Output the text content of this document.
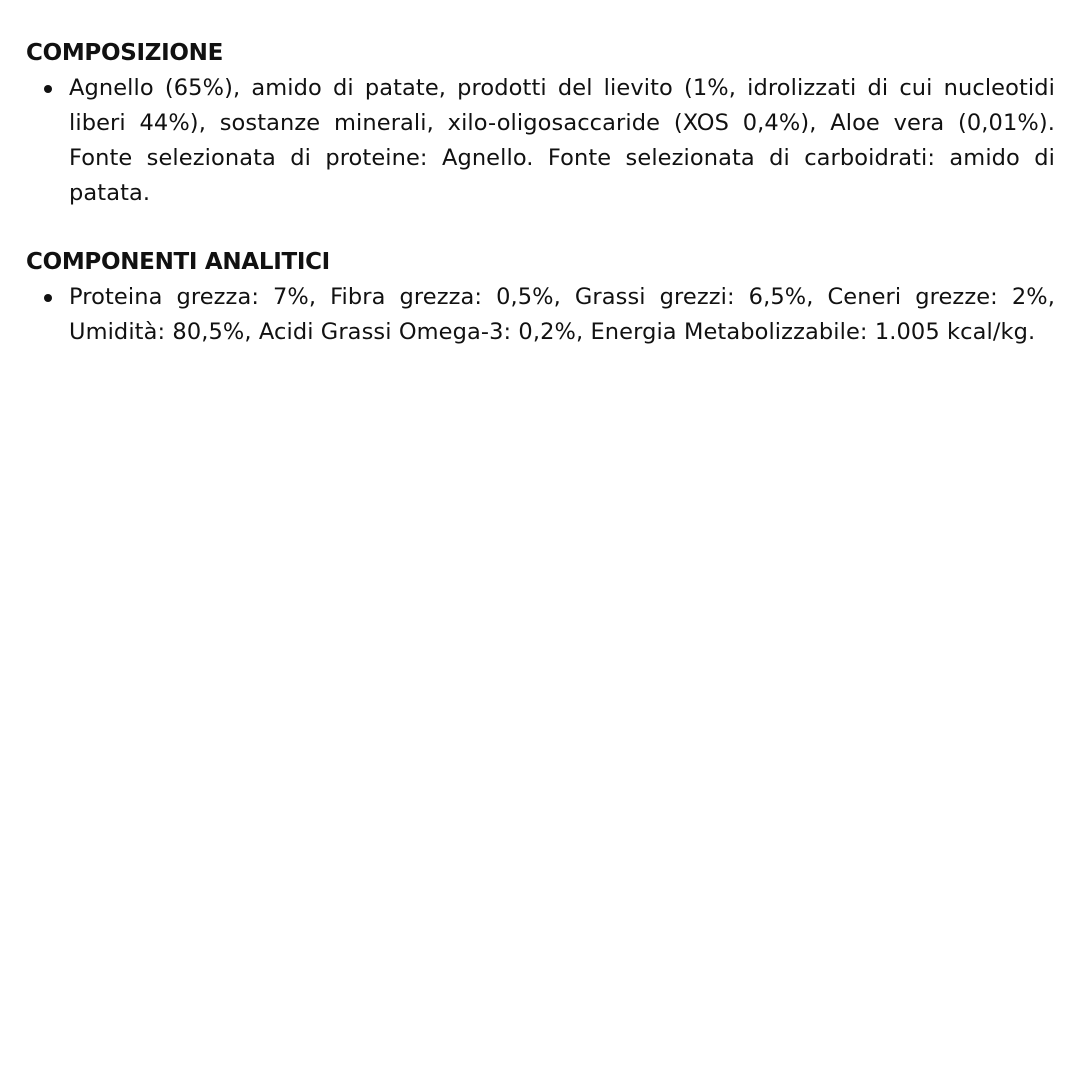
COMPOSIZIONE
Agnello (65%), amido di patate, prodotti del lievito (1%, idrolizzati di cui nucleotidi liberi 44%), sostanze minerali, xilo-oligosaccaride (XOS 0,4%), Aloe vera (0,01%). Fonte selezionata di proteine: Agnello. Fonte selezionata di carboidrati: amido di patata.
COMPONENTI ANALITICI
Proteina grezza: 7%, Fibra grezza: 0,5%, Grassi grezzi: 6,5%, Ceneri grezze: 2%, Umidità: 80,5%, Acidi Grassi Omega-3: 0,2%, Energia Metabolizzabile: 1.005 kcal/kg.
